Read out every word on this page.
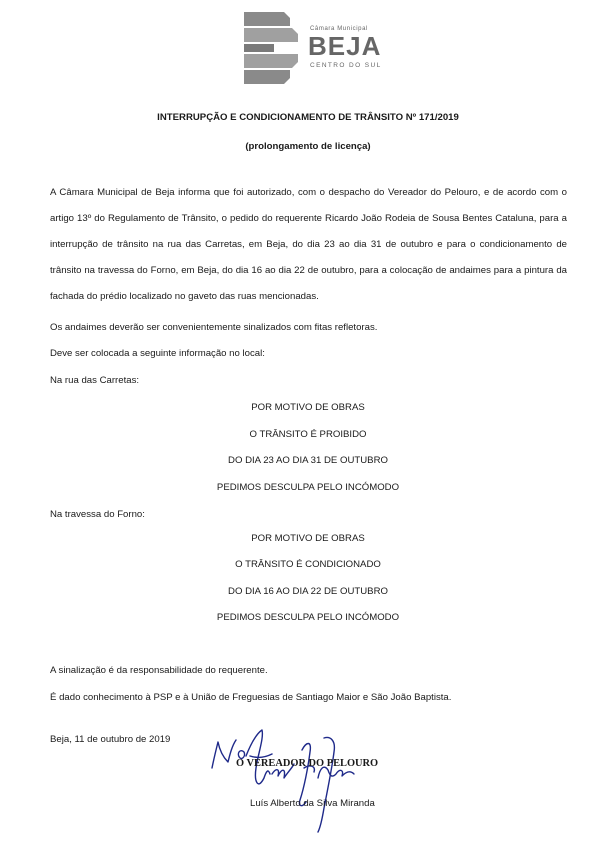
Câmara Municipal
BEJA
CENTRO DO SUL
INTERRUPÇÃO E CONDICIONAMENTO DE TRÂNSITO Nº 171/2019
(prolongamento de licença)
A Câmara Municipal de Beja informa que foi autorizado, com o despacho do Vereador do Pelouro, e de acordo com o artigo 13º do Regulamento de Trânsito, o pedido do requerente Ricardo João Rodeia de Sousa Bentes Cataluna, para a interrupção de trânsito na rua das Carretas, em Beja, do dia 23 ao dia 31 de outubro e para o condicionamento de trânsito na travessa do Forno, em Beja, do dia 16 ao dia 22 de outubro, para a colocação de andaimes para a pintura da fachada do prédio localizado no gaveto das ruas mencionadas.
Os andaimes deverão ser convenientemente sinalizados com fitas refletoras.
Deve ser colocada a seguinte informação no local:
Na rua das Carretas:
POR MOTIVO DE OBRAS
O TRÂNSITO É PROIBIDO
DO DIA 23 AO DIA 31 DE OUTUBRO
PEDIMOS DESCULPA PELO INCÓMODO
Na travessa do Forno:
POR MOTIVO DE OBRAS
O TRÂNSITO É CONDICIONADO
DO DIA 16 AO DIA 22 DE OUTUBRO
PEDIMOS DESCULPA PELO INCÓMODO
A sinalização é da responsabilidade do requerente.
É dado conhecimento à PSP e à União de Freguesias de Santiago Maior e São João Baptista.
Beja, 11 de outubro de 2019
O VEREADOR DO PELOURO
Luís Alberto da Silva Miranda
